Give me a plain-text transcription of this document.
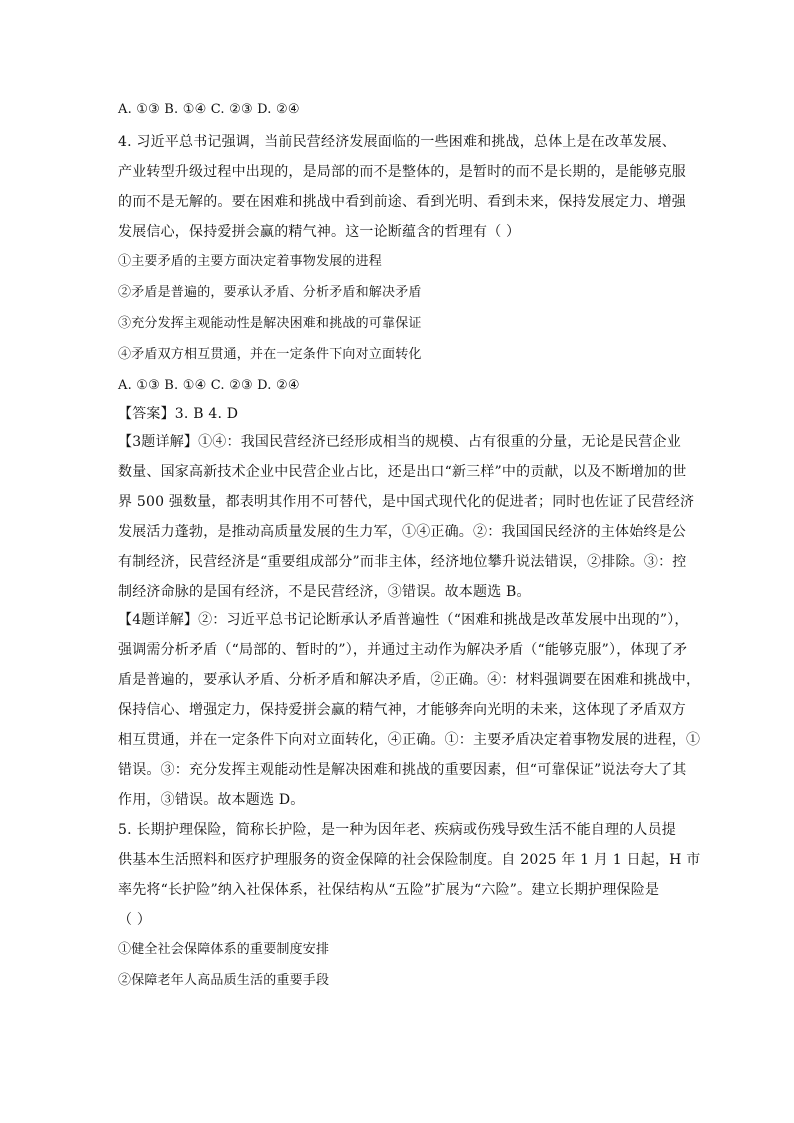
A. ①③ B. ①④ C. ②③ D. ②④
4. 习近平总书记强调，当前民营经济发展面临的一些困难和挑战，总体上是在改革发展、
产业转型升级过程中出现的，是局部的而不是整体的，是暂时的而不是长期的，是能够克服
的而不是无解的。要在困难和挑战中看到前途、看到光明、看到未来，保持发展定力、增强
发展信心，保持爱拼会赢的精气神。这一论断蕴含的哲理有（ ）
①主要矛盾的主要方面决定着事物发展的进程
②矛盾是普遍的，要承认矛盾、分析矛盾和解决矛盾
③充分发挥主观能动性是解决困难和挑战的可靠保证
④矛盾双方相互贯通，并在一定条件下向对立面转化
A. ①③ B. ①④ C. ②③ D. ②④
【答案】3. B 4. D
【3题详解】①④：我国民营经济已经形成相当的规模、占有很重的分量，无论是民营企业
数量、国家高新技术企业中民营企业占比，还是出口“新三样”中的贡献，以及不断增加的世
界 500 强数量，都表明其作用不可替代，是中国式现代化的促进者；同时也佐证了民营经济
发展活力蓬勃，是推动高质量发展的生力军，①④正确。②：我国国民经济的主体始终是公
有制经济，民营经济是“重要组成部分”而非主体，经济地位攀升说法错误，②排除。③：控
制经济命脉的是国有经济，不是民营经济，③错误。故本题选 B。
【4题详解】②：习近平总书记论断承认矛盾普遍性（“困难和挑战是改革发展中出现的”），
强调需分析矛盾（“局部的、暂时的”），并通过主动作为解决矛盾（“能够克服”），体现了矛
盾是普遍的，要承认矛盾、分析矛盾和解决矛盾，②正确。④：材料强调要在困难和挑战中，
保持信心、增强定力，保持爱拼会赢的精气神，才能够奔向光明的未来，这体现了矛盾双方
相互贯通，并在一定条件下向对立面转化，④正确。①：主要矛盾决定着事物发展的进程，①
错误。③：充分发挥主观能动性是解决困难和挑战的重要因素，但“可靠保证”说法夸大了其
作用，③错误。故本题选 D。
5. 长期护理保险，简称长护险，是一种为因年老、疾病或伤残导致生活不能自理的人员提
供基本生活照料和医疗护理服务的资金保障的社会保险制度。自 2025 年 1 月 1 日起，H 市
率先将“长护险”纳入社保体系，社保结构从“五险”扩展为“六险”。建立长期护理保险是
（ ）
①健全社会保障体系的重要制度安排
②保障老年人高品质生活的重要手段
